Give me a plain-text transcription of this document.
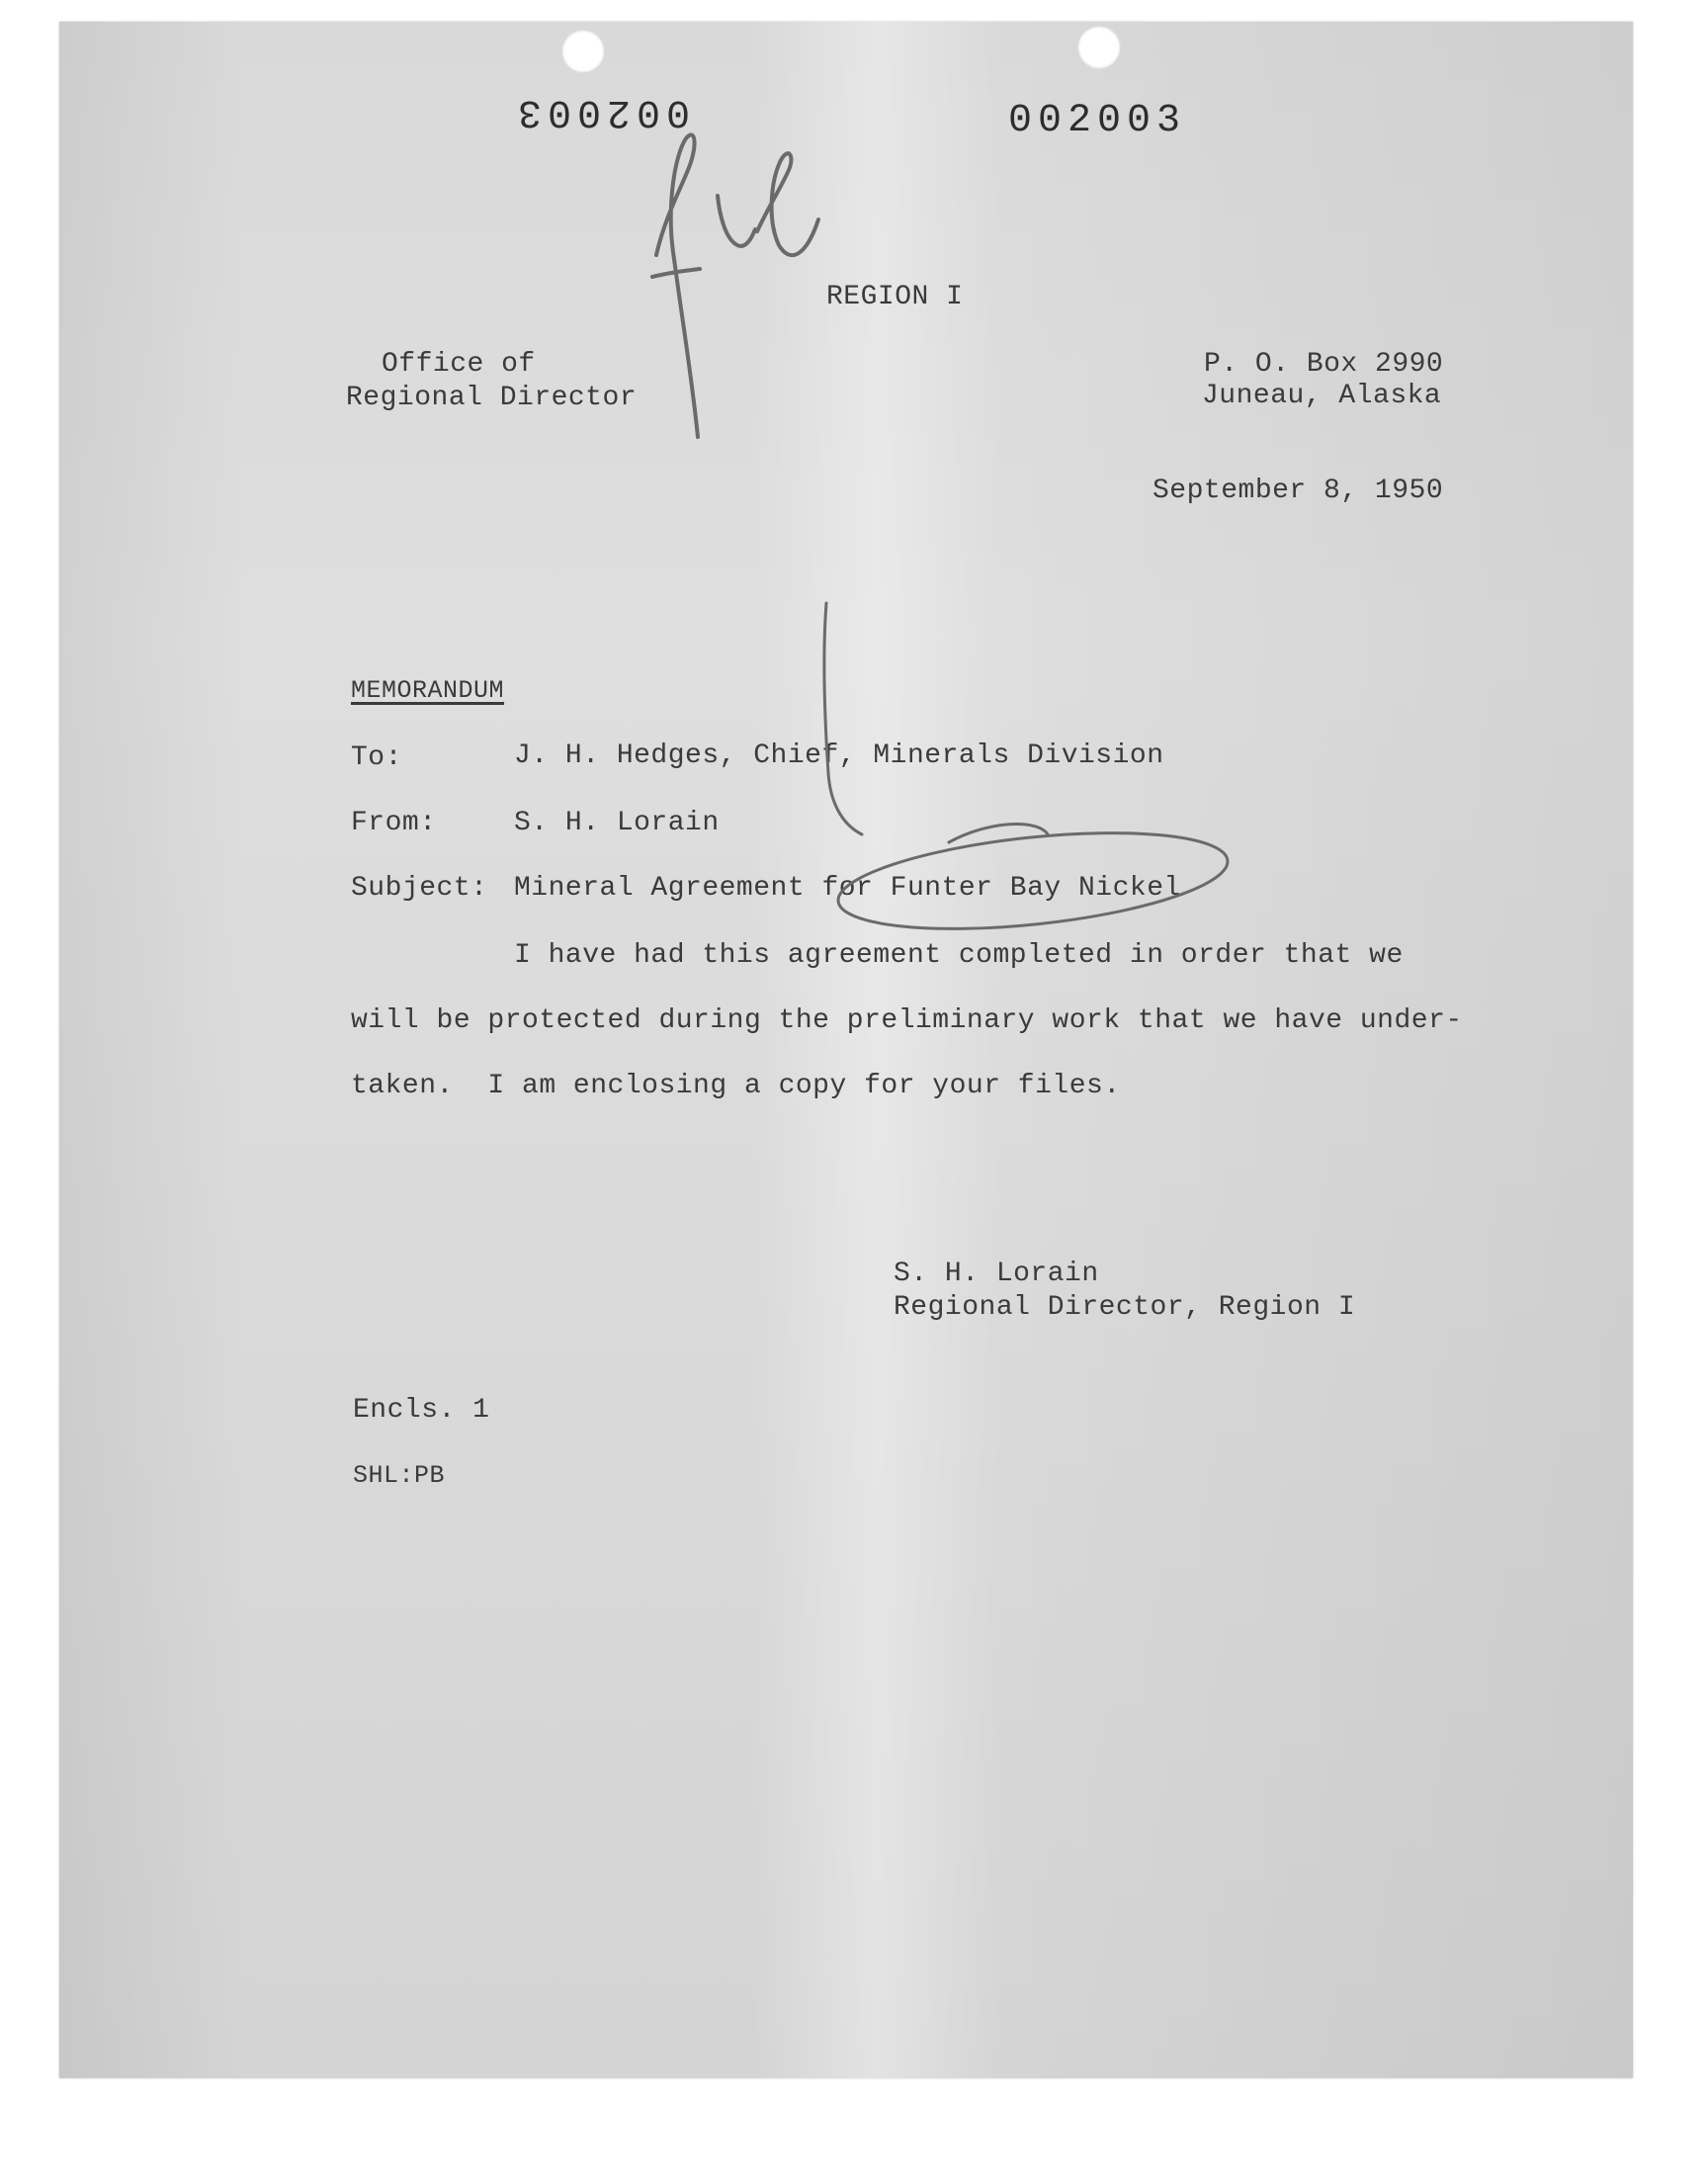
002003	002003
REGION I
Office of
Regional Director
P. O. Box 2990
Juneau, Alaska
September 8, 1950
MEMORANDUM
To:	J. H. Hedges, Chief, Minerals Division
From:	S. H. Lorain
Subject: Mineral Agreement for Funter Bay Nickel
I have had this agreement completed in order that we
will be protected during the preliminary work that we have under-
taken.  I am enclosing a copy for your files.
S. H. Lorain
Regional Director, Region I
Encls. 1
SHL:PB
